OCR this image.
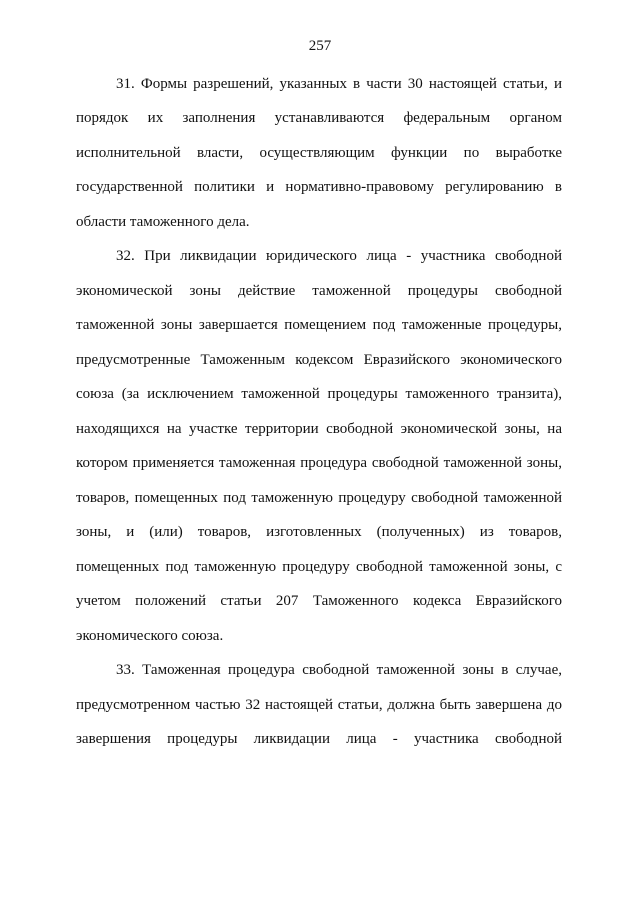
257
31. Формы разрешений, указанных в части 30 настоящей статьи, и
порядок их заполнения устанавливаются федеральным органом
исполнительной власти, осуществляющим функции по выработке
государственной политики и нормативно-правовому регулированию в
области таможенного дела.
32. При ликвидации юридического лица - участника свободной
экономической зоны действие таможенной процедуры свободной
таможенной зоны завершается помещением под таможенные процедуры,
предусмотренные Таможенным кодексом Евразийского экономического
союза (за исключением таможенной процедуры таможенного транзита),
находящихся на участке территории свободной экономической зоны, на
котором применяется таможенная процедура свободной таможенной зоны,
товаров, помещенных под таможенную процедуру свободной таможенной
зоны, и (или) товаров, изготовленных (полученных) из товаров,
помещенных под таможенную процедуру свободной таможенной зоны, с
учетом положений статьи 207 Таможенного кодекса Евразийского
экономического союза.
33. Таможенная процедура свободной таможенной зоны в случае,
предусмотренном частью 32 настоящей статьи, должна быть завершена до
завершения процедуры ликвидации лица - участника свободной
